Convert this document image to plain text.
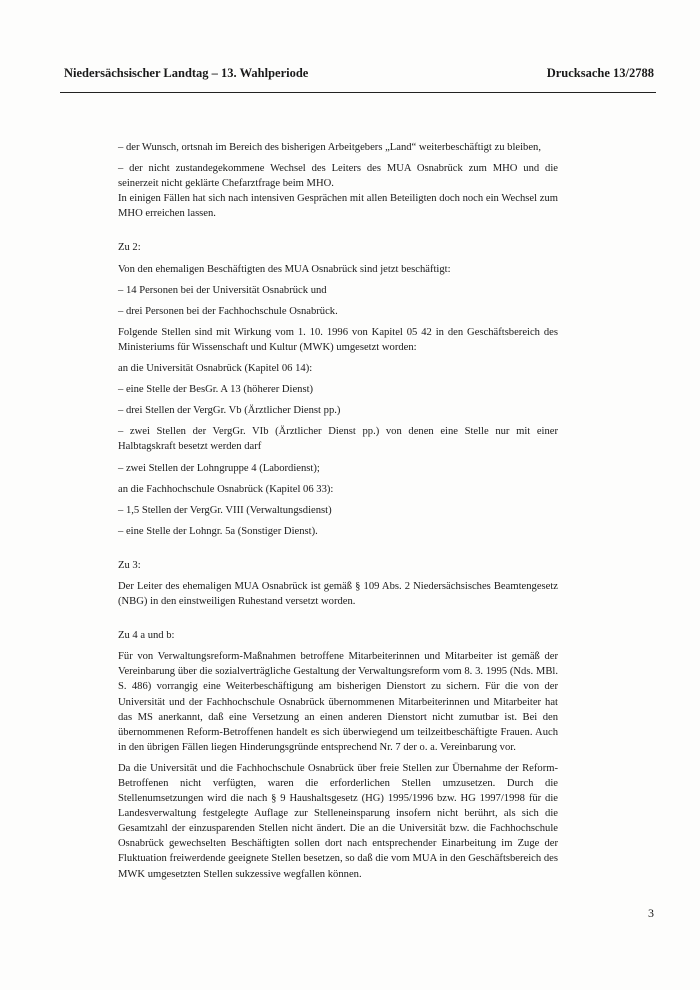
Niedersächsischer Landtag – 13. Wahlperiode	Drucksache 13/2788

– der Wunsch, ortsnah im Bereich des bisherigen Arbeitgebers „Land“ weiterbeschäftigt zu bleiben,

– der nicht zustandegekommene Wechsel des Leiters des MUA Osnabrück zum MHO und die seinerzeit nicht geklärte Chefarztfrage beim MHO.

In einigen Fällen hat sich nach intensiven Gesprächen mit allen Beteiligten doch noch ein Wechsel zum MHO erreichen lassen.

Zu 2:

Von den ehemaligen Beschäftigten des MUA Osnabrück sind jetzt beschäftigt:

– 14 Personen bei der Universität Osnabrück und

– drei Personen bei der Fachhochschule Osnabrück.

Folgende Stellen sind mit Wirkung vom 1. 10. 1996 von Kapitel 05 42 in den Geschäftsbereich des Ministeriums für Wissenschaft und Kultur (MWK) umgesetzt worden:

an die Universität Osnabrück (Kapitel 06 14):

– eine Stelle der BesGr. A 13 (höherer Dienst)

– drei Stellen der VergGr. Vb (Ärztlicher Dienst pp.)

– zwei Stellen der VergGr. VIb (Ärztlicher Dienst pp.) von denen eine Stelle nur mit einer Halbtagskraft besetzt werden darf

– zwei Stellen der Lohngruppe 4 (Labordienst);

an die Fachhochschule Osnabrück (Kapitel 06 33):

– 1,5 Stellen der VergGr. VIII (Verwaltungsdienst)

– eine Stelle der Lohngr. 5a (Sonstiger Dienst).

Zu 3:

Der Leiter des ehemaligen MUA Osnabrück ist gemäß § 109 Abs. 2 Niedersächsisches Beamtengesetz (NBG) in den einstweiligen Ruhestand versetzt worden.

Zu 4 a und b:

Für von Verwaltungsreform-Maßnahmen betroffene Mitarbeiterinnen und Mitarbeiter ist gemäß der Vereinbarung über die sozialverträgliche Gestaltung der Verwaltungsreform vom 8. 3. 1995 (Nds. MBl. S. 486) vorrangig eine Weiterbeschäftigung am bisherigen Dienstort zu sichern. Für die von der Universität und der Fachhochschule Osnabrück übernommenen Mitarbeiterinnen und Mitarbeiter hat das MS anerkannt, daß eine Versetzung an einen anderen Dienstort nicht zumutbar ist. Bei den übernommenen Reform-Betroffenen handelt es sich überwiegend um teilzeitbeschäftigte Frauen. Auch in den übrigen Fällen liegen Hinderungsgründe entsprechend Nr. 7 der o. a. Vereinbarung vor.

Da die Universität und die Fachhochschule Osnabrück über freie Stellen zur Übernahme der Reform-Betroffenen nicht verfügten, waren die erforderlichen Stellen umzusetzen. Durch die Stellenumsetzungen wird die nach § 9 Haushaltsgesetz (HG) 1995/1996 bzw. HG 1997/1998 für die Landesverwaltung festgelegte Auflage zur Stelleneinsparung insofern nicht berührt, als sich die Gesamtzahl der einzusparenden Stellen nicht ändert. Die an die Universität bzw. die Fachhochschule Osnabrück gewechselten Beschäftigten sollen dort nach entsprechender Einarbeitung im Zuge der Fluktuation freiwerdende geeignete Stellen besetzen, so daß die vom MUA in den Geschäftsbereich des MWK umgesetzten Stellen sukzessive wegfallen können.

3
